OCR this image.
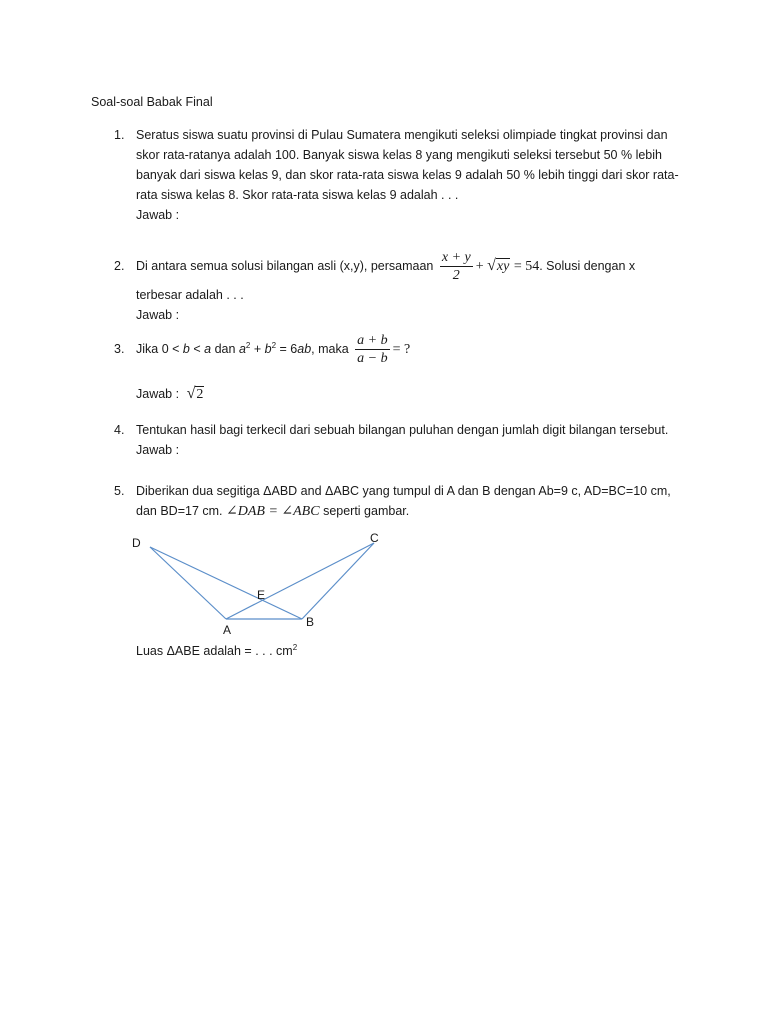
Soal-soal Babak Final
1. Seratus siswa suatu provinsi di Pulau Sumatera mengikuti seleksi olimpiade tingkat provinsi dan
skor rata-ratanya adalah 100. Banyak siswa kelas 8 yang mengikuti seleksi tersebut 50 % lebih
banyak dari siswa kelas 9, dan skor rata-rata siswa kelas 9 adalah 50 % lebih tinggi dari skor rata-
rata siswa kelas 8. Skor rata-rata siswa kelas 9 adalah . . .
Jawab :
2. Di antara semua solusi bilangan asli (x,y), persamaan $\frac{x + y}{2} + √xy = 54$. Solusi dengan x
terbesar adalah . . .
Jawab :
3. Jika 0 < b < a dan $a^2 + b^2 = 6ab$, maka $\frac{a + b}{a - b}$ = ?
Jawab : √2
4. Tentukan hasil bagi terkecil dari sebuah bilangan puluhan dengan jumlah digit bilangan tersebut.
Jawab :
5. Diberikan dua segitiga ΔABD and ΔABC yang tumpul di A dan B dengan Ab=9 c, AD=BC=10 cm,
dan BD=17 cm. ∠DAB = ∠ABC seperti gambar.
D	C
E
A
B
Luas ΔABE adalah = . . . $cm^2$
